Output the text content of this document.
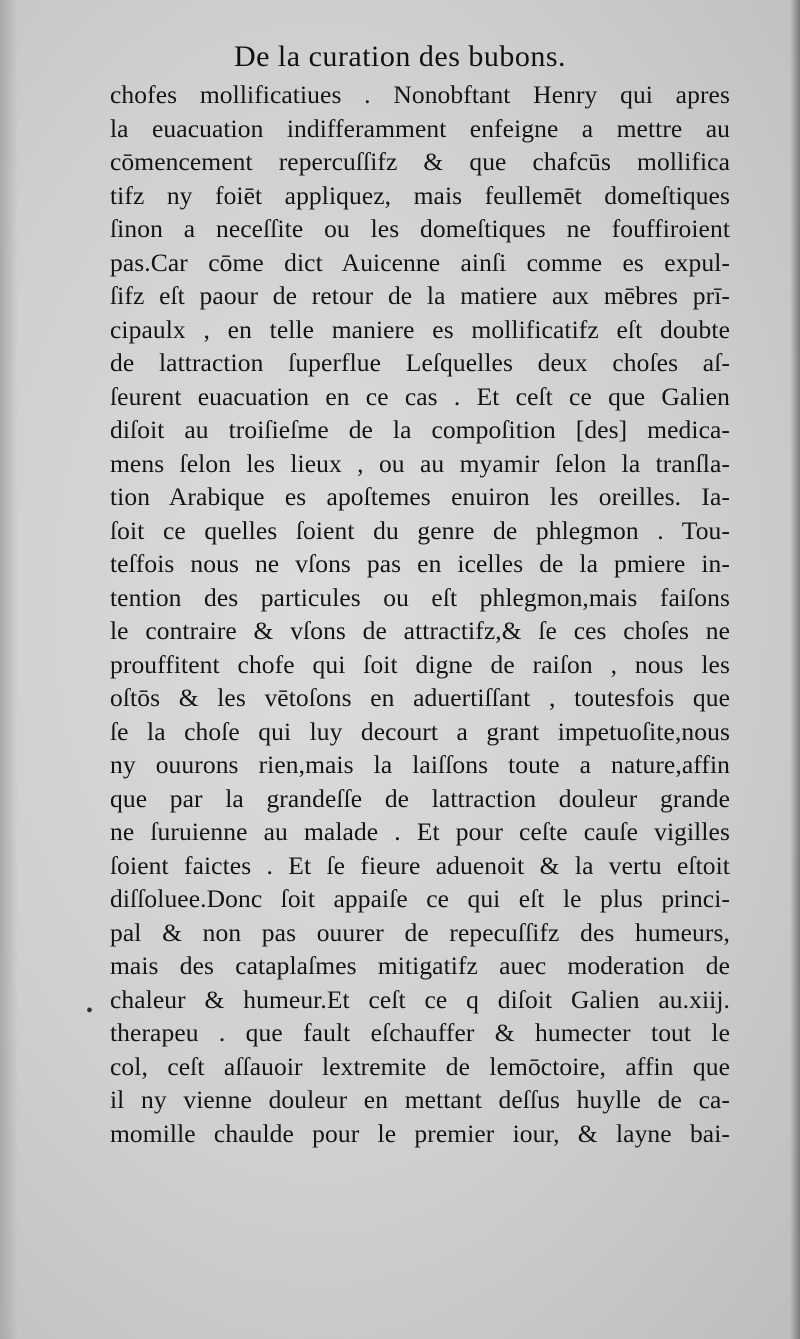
De la curation des bubons.
•
chofes mollificatiues . Nonobftant Henry qui apres
la euacuation indifferamment enfeigne a mettre au
cōmencement repercuſſifz & que chafcūs mollifica
tifz ny foiēt appliquez, mais feullemēt domeſtiques
ſinon a neceſſite ou les domeſtiques ne fouffiroient
pas.Car cōme dict Auicenne ainſi comme es expul-
ſifz eſt paour de retour de la matiere aux mēbres prī-
cipaulx , en telle maniere es mollificatifz eſt doubte
de lattraction ſuperflue Leſquelles deux choſes aſ-
ſeurent euacuation en ce cas . Et ceſt ce que Galien
diſoit au troiſieſme de la compoſition [des] medica-
mens ſelon les lieux , ou au myamir ſelon la tranſla-
tion Arabique es apoſtemes enuiron les oreilles. Ia-
ſoit ce quelles ſoient du genre de phlegmon . Tou-
teſfois nous ne vſons pas en icelles de la pmiere in-
tention des particules ou eſt phlegmon,mais faiſons
le contraire & vſons de attractifz,& ſe ces choſes ne
prouffitent chofe qui ſoit digne de raiſon , nous les
oſtōs & les vētoſons en aduertiſſant , toutesfois que
ſe la choſe qui luy decourt a grant impetuoſite,nous
ny ouurons rien,mais la laiſſons toute a nature,affin
que par la grandeſſe de lattraction douleur grande
ne ſuruienne au malade . Et pour ceſte cauſe vigilles
ſoient faictes . Et ſe fieure aduenoit & la vertu eſtoit
diſſoluee.Donc ſoit appaiſe ce qui eſt le plus princi-
pal & non pas ouurer de repecuſſifz des humeurs,
mais des cataplaſmes mitigatifz auec moderation de
chaleur & humeur.Et ceſt ce q diſoit Galien au.xiij.
therapeu . que fault eſchauffer & humecter tout le
col, ceſt aſſauoir lextremite de lemōctoire, affin que
il ny vienne douleur en mettant deſſus huylle de ca-
momille chaulde pour le premier iour, & layne bai-
